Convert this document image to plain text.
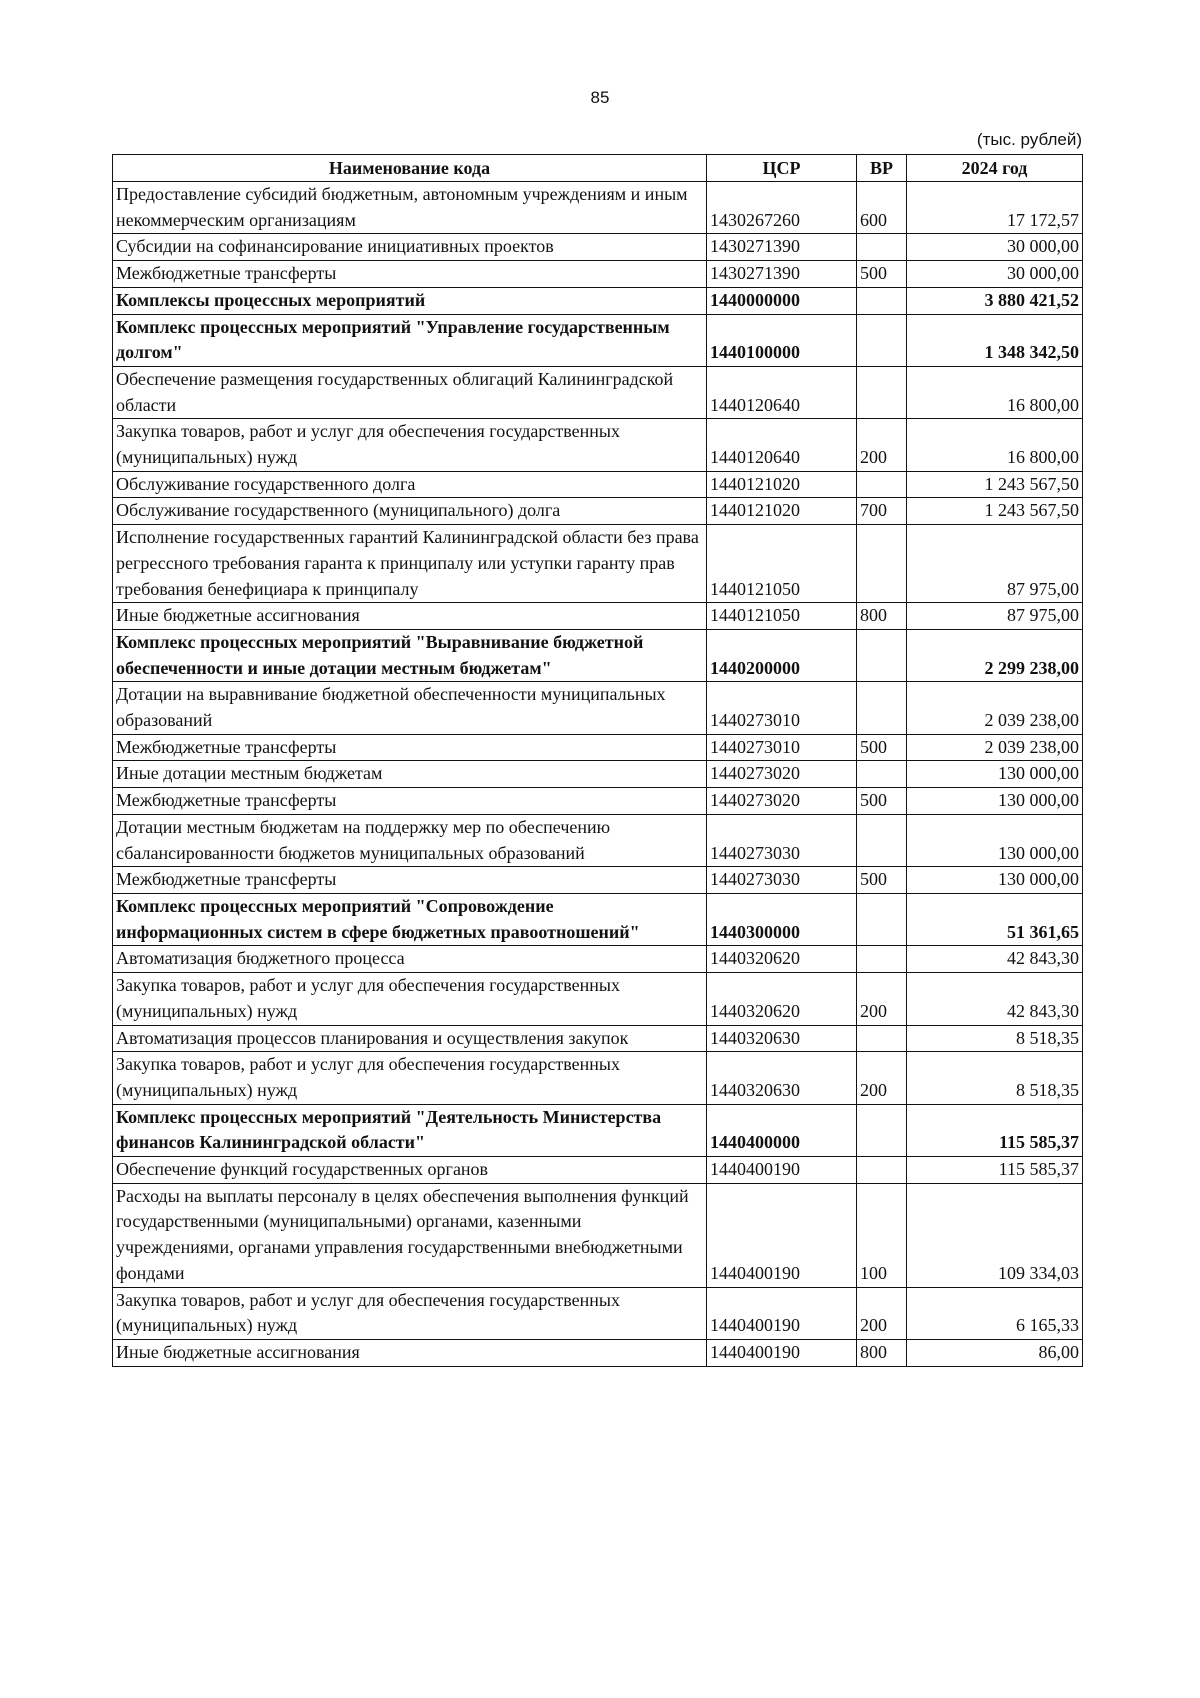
85
(тыс. рублей)
Наименование кода	ЦСР	ВР	2024 год
Предоставление субсидий бюджетным, автономным учреждениям и иным некоммерческим организациям	1430267260	600	17 172,57
Субсидии на софинансирование инициативных проектов	1430271390		30 000,00
Межбюджетные трансферты	1430271390	500	30 000,00
Комплексы процессных мероприятий	1440000000		3 880 421,52
Комплекс процессных мероприятий "Управление государственным долгом"	1440100000		1 348 342,50
Обеспечение размещения государственных облигаций Калининградской области	1440120640		16 800,00
Закупка товаров, работ и услуг для обеспечения государственных (муниципальных) нужд	1440120640	200	16 800,00
Обслуживание государственного долга	1440121020		1 243 567,50
Обслуживание государственного (муниципального) долга	1440121020	700	1 243 567,50
Исполнение государственных гарантий Калининградской области без права регрессного требования гаранта к принципалу или уступки гаранту прав требования бенефициара к принципалу	1440121050		87 975,00
Иные бюджетные ассигнования	1440121050	800	87 975,00
Комплекс процессных мероприятий "Выравнивание бюджетной обеспеченности и иные дотации местным бюджетам"	1440200000		2 299 238,00
Дотации на выравнивание бюджетной обеспеченности муниципальных образований	1440273010		2 039 238,00
Межбюджетные трансферты	1440273010	500	2 039 238,00
Иные дотации местным бюджетам	1440273020		130 000,00
Межбюджетные трансферты	1440273020	500	130 000,00
Дотации местным бюджетам на поддержку мер по обеспечению сбалансированности бюджетов муниципальных образований	1440273030		130 000,00
Межбюджетные трансферты	1440273030	500	130 000,00
Комплекс процессных мероприятий "Сопровождение информационных систем в сфере бюджетных правоотношений"	1440300000		51 361,65
Автоматизация бюджетного процесса	1440320620		42 843,30
Закупка товаров, работ и услуг для обеспечения государственных (муниципальных) нужд	1440320620	200	42 843,30
Автоматизация процессов планирования и осуществления закупок	1440320630		8 518,35
Закупка товаров, работ и услуг для обеспечения государственных (муниципальных) нужд	1440320630	200	8 518,35
Комплекс процессных мероприятий "Деятельность Министерства финансов Калининградской области"	1440400000		115 585,37
Обеспечение функций государственных органов	1440400190		115 585,37
Расходы на выплаты персоналу в целях обеспечения выполнения функций государственными (муниципальными) органами, казенными учреждениями, органами управления государственными внебюджетными фондами	1440400190	100	109 334,03
Закупка товаров, работ и услуг для обеспечения государственных (муниципальных) нужд	1440400190	200	6 165,33
Иные бюджетные ассигнования	1440400190	800	86,00
